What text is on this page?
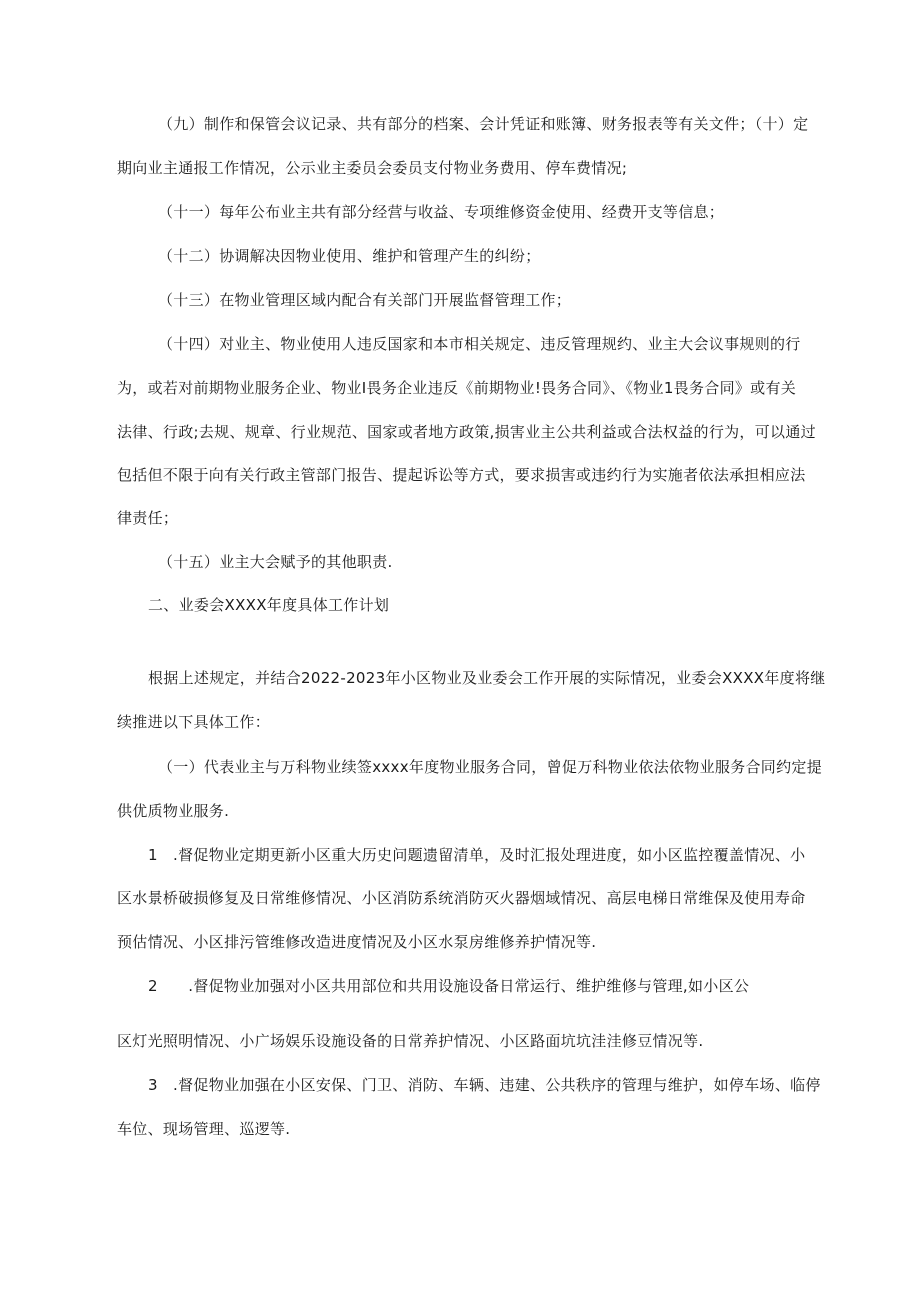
（九）制作和保管会议记录、共有部分的档案、会计凭证和账簿、财务报表等有关文件；（十）定
期向业主通报工作情况，公示业主委员会委员支付物业务费用、停车费情况;
（十一）每年公布业主共有部分经营与收益、专项维修资金使用、经费开支等信息；
（十二）协调解决因物业使用、维护和管理产生的纠纷；
（十三）在物业管理区域内配合有关部门开展监督管理工作；
（十四）对业主、物业使用人违反国家和本市相关规定、违反管理规约、业主大会议事规则的行
为，或若对前期物业服务企业、物业I畏务企业违反《前期物业!畏务合同》、《物业1畏务合同》或有关
法律、行政;去规、规章、行业规范、国家或者地方政策,损害业主公共利益或合法权益的行为，可以通过
包括但不限于向有关行政主管部门报告、提起诉讼等方式，要求损害或违约行为实施者依法承担相应法
律责任；
（十五）业主大会赋予的其他职责.
二、业委会XXXX年度具体工作计划
根据上述规定，并结合2022-2023年小区物业及业委会工作开展的实际情况，业委会XXXX年度将继
续推进以下具体工作：
（一）代表业主与万科物业续签xxxx年度物业服务合同，曾促万科物业依法依物业服务合同约定提
供优质物业服务.
1   .督促物业定期更新小区重大历史问题遗留清单，及时汇报处理进度，如小区监控覆盖情况、小
区水景桥破损修复及日常维修情况、小区消防系统消防灭火器烟域情况、高层电梯日常维保及使用寿命
预估情况、小区排污管维修改造进度情况及小区水泵房维修养护情况等.
2      .督促物业加强对小区共用部位和共用设施设备日常运行、维护维修与管理,如小区公
区灯光照明情况、小广场娱乐设施设备的日常养护情况、小区路面坑坑洼洼修豆情况等.
3   .督促物业加强在小区安保、门卫、消防、车辆、违建、公共秩序的管理与维护，如停车场、临停
车位、现场管理、巡逻等.
